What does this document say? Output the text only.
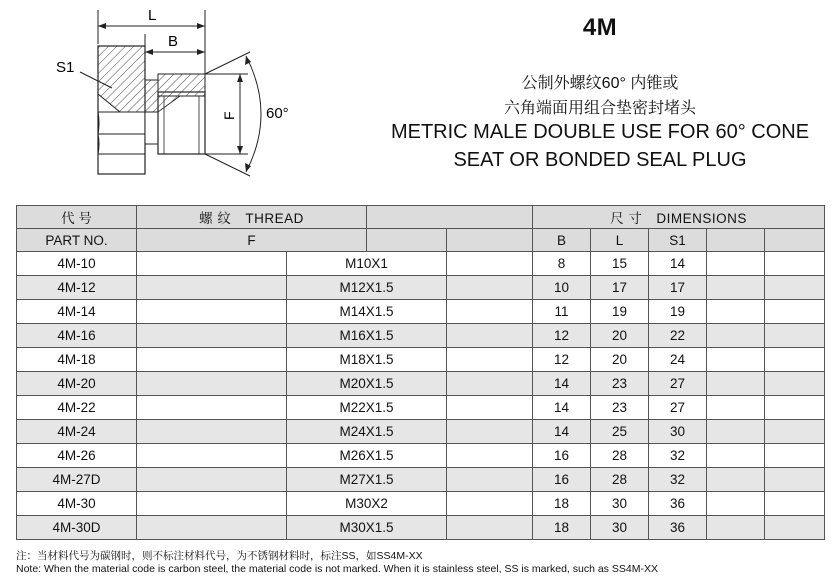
L
B
S1
F 60°
4M
公制外螺纹60° 内锥或
六角端面用组合垫密封堵头
METRIC MALE DOUBLE USE FOR 60° CONE
SEAT OR BONDED SEAL PLUG
代 号	螺 纹 THREAD				尺 寸 DIMENSIONS				
PART NO.	F				B	L	S1		
4M-10		M10X1			8	15	14		
4M-12		M12X1.5			10	17	17		
4M-14		M14X1.5			11	19	19		
4M-16		M16X1.5			12	20	22		
4M-18		M18X1.5			12	20	24		
4M-20		M20X1.5			14	23	27		
4M-22		M22X1.5			14	23	27		
4M-24		M24X1.5			14	25	30		
4M-26		M26X1.5			16	28	32		
4M-27D		M27X1.5			16	28	32		
4M-30		M30X2			18	30	36		
4M-30D		M30X1.5			18	30	36		
注：当材料代号为碳钢时，则不标注材料代号，为不锈钢材料时，标注SS，如SS4M-XX
Note: When the material code is carbon steel, the material code is not marked. When it is stainless steel, SS is marked, such as SS4M-XX
